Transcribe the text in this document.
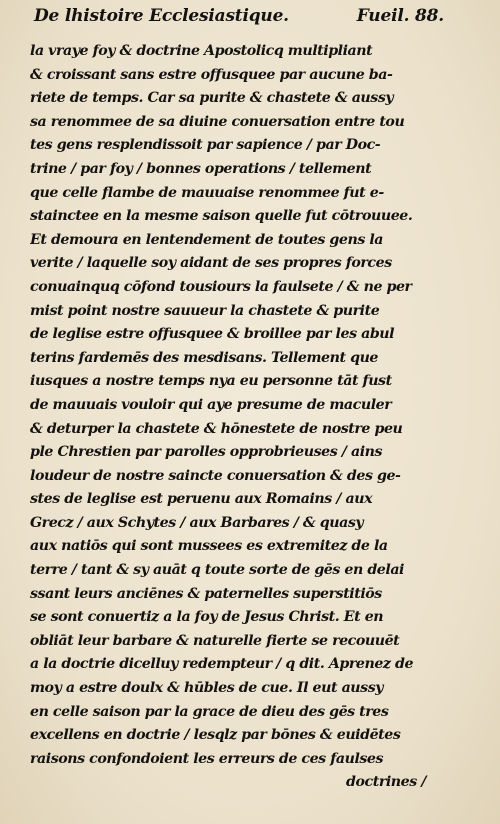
De lhistoire Ecclesiastique.	Fueil. 88.
la vraye foy & doctrine Apostolicq multipliant
& croissant sans estre offusquee par aucune ba-
riete de temps. Car sa purite & chastete & aussy
sa renommee de sa diuine conuersation entre tou
tes gens resplendissoit par sapience / par Doc-
trine / par foy / bonnes operations / tellement
que celle flambe de mauuaise renommee fut e-
stainctee en la mesme saison quelle fut cōtrouuee.
Et demoura en lentendement de toutes gens la
verite / laquelle soy aidant de ses propres forces
conuainquq cōfond tousiours la faulsete / & ne per
mist point nostre sauueur la chastete & purite
de leglise estre offusquee & broillee par les abul
terins fardemēs des mesdisans. Tellement que
iusques a nostre temps nya eu personne tāt fust
de mauuais vouloir qui aye presume de maculer
& deturper la chastete & hōnestete de nostre peu
ple Chrestien par parolles opprobrieuses / ains
loudeur de nostre saincte conuersation & des ge-
stes de leglise est peruenu aux Romains / aux
Grecz / aux Schytes / aux Barbares / & quasy
aux natiōs qui sont mussees es extremitez de la
terre / tant & sy auāt q toute sorte de gēs en delai
ssant leurs anciēnes & paternelles superstitiōs
se sont conuertiz a la foy de Jesus Christ. Et en
obliāt leur barbare & naturelle fierte se recouuēt
a la doctrie dicelluy redempteur / q dit. Aprenez de
moy a estre doulx & hūbles de cue. Il eut aussy
en celle saison par la grace de dieu des gēs tres
excellens en doctrie / lesqlz par bōnes & euidētes
raisons confondoient les erreurs de ces faulses
doctrines /
